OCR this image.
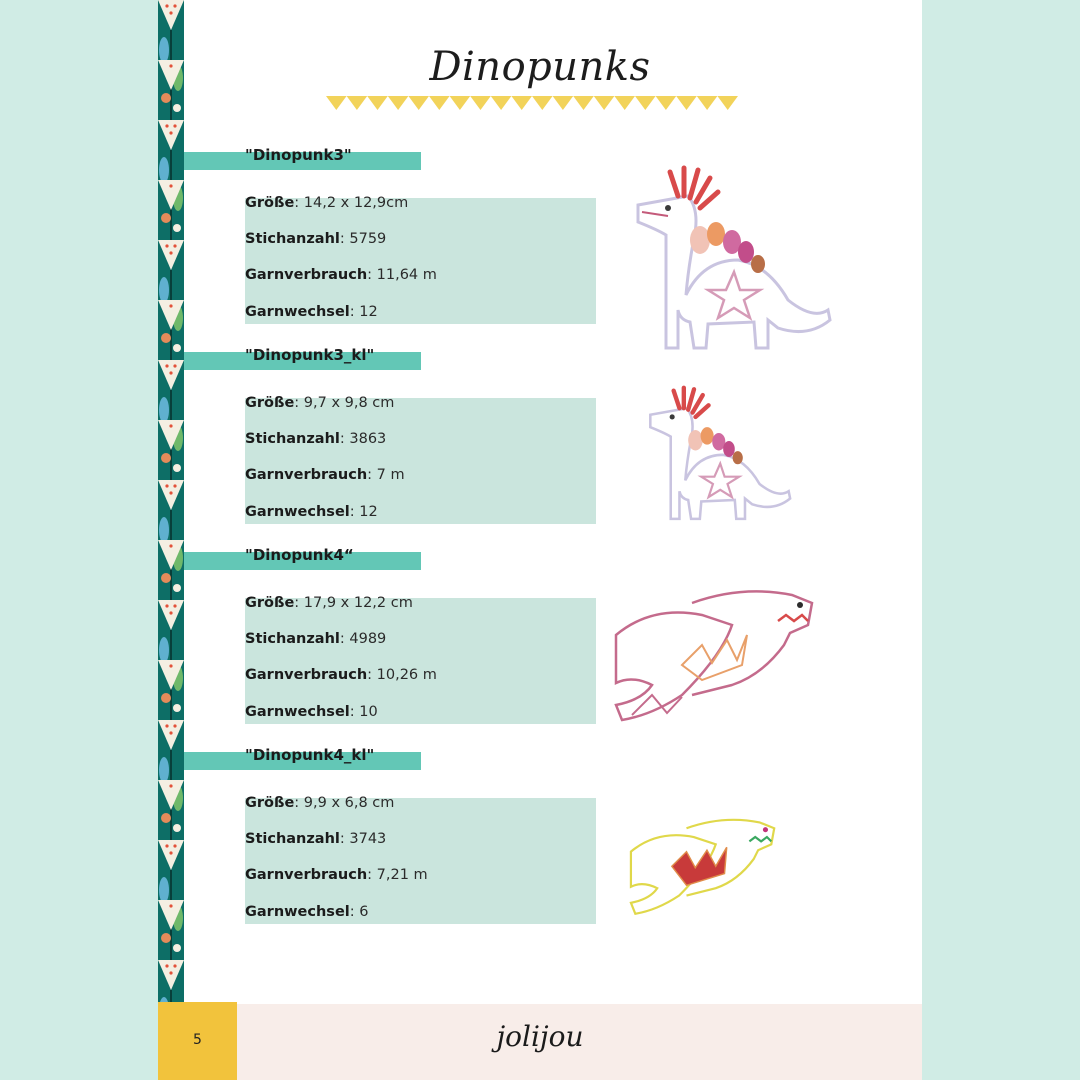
Dinopunks
"Dinopunk3"
Größe: 14,2 x 12,9cm
Stichanzahl: 5759
Garnverbrauch: 11,64 m
Garnwechsel: 12
"Dinopunk3_kl"
Größe: 9,7 x 9,8 cm
Stichanzahl: 3863
Garnverbrauch: 7 m
Garnwechsel: 12
"Dinopunk4“
Größe: 17,9 x 12,2 cm
Stichanzahl: 4989
Garnverbrauch: 10,26 m
Garnwechsel: 10
"Dinopunk4_kl"
Größe: 9,9 x 6,8 cm
Stichanzahl: 3743
Garnverbrauch: 7,21 m
Garnwechsel: 6
5	jolijou
